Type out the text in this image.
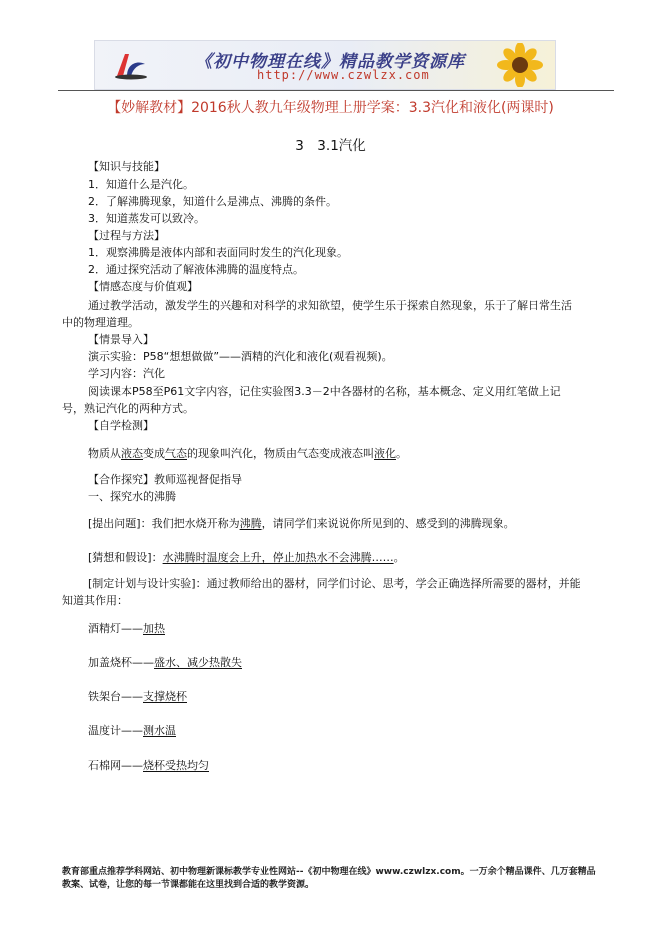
《初中物理在线》精品教学资源库
http://www.czwlzx.com
【妙解教材】2016秋人教九年级物理上册学案：3.3汽化和液化(两课时)
3　3.1汽化
【知识与技能】
1．知道什么是汽化。
2．了解沸腾现象，知道什么是沸点、沸腾的条件。
3．知道蒸发可以致冷。
【过程与方法】
1．观察沸腾是液体内部和表面同时发生的汽化现象。
2．通过探究活动了解液体沸腾的温度特点。
【情感态度与价值观】
通过教学活动，激发学生的兴趣和对科学的求知欲望，使学生乐于探索自然现象，乐于了解日常生活中的物理道理。
【情景导入】
演示实验：P58“想想做做”——酒精的汽化和液化(观看视频)。
学习内容：汽化
阅读课本P58至P61文字内容，记住实验图3.3－2中各器材的名称，基本概念、定义用红笔做上记号，熟记汽化的两种方式。
【自学检测】
物质从液态变成气态的现象叫汽化，物质由气态变成液态叫液化。
【合作探究】教师巡视督促指导
一、探究水的沸腾
[提出问题]：我们把水烧开称为沸腾，请同学们来说说你所见到的、感受到的沸腾现象。
[猜想和假设]：水沸腾时温度会上升，停止加热水不会沸腾……。
[制定计划与设计实验]：通过教师给出的器材，同学们讨论、思考，学会正确选择所需要的器材，并能知道其作用：
酒精灯——加热
加盖烧杯——盛水、减少热散失
铁架台——支撑烧杯
温度计——测水温
石棉网——烧杯受热均匀
教育部重点推荐学科网站、初中物理新课标教学专业性网站--《初中物理在线》www.czwlzx.com。一万余个精品课件、几万套精品教案、试卷，让您的每一节课都能在这里找到合适的教学资源。
